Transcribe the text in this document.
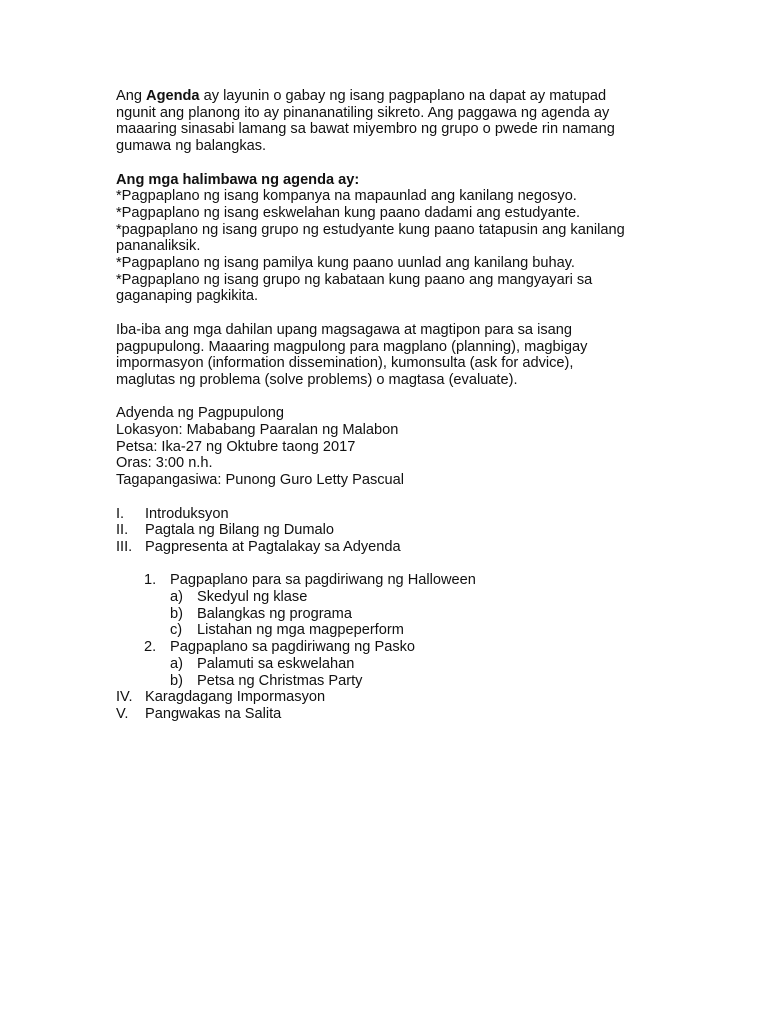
Ang Agenda ay layunin o gabay ng isang pagpaplano na dapat ay matupad

ngunit ang planong ito ay pinananatiling sikreto. Ang paggawa ng agenda ay

maaaring sinasabi lamang sa bawat miyembro ng grupo o pwede rin namang

gumawa ng balangkas.

Ang mga halimbawa ng agenda ay:

*Pagpaplano ng isang kompanya na mapaunlad ang kanilang negosyo.

*Pagpaplano ng isang eskwelahan kung paano dadami ang estudyante.

*pagpaplano ng isang grupo ng estudyante kung paano tatapusin ang kanilang

pananaliksik.

*Pagpaplano ng isang pamilya kung paano uunlad ang kanilang buhay.

*Pagpaplano ng isang grupo ng kabataan kung paano ang mangyayari sa

gaganaping pagkikita.

Iba-iba ang mga dahilan upang magsagawa at magtipon para sa isang

pagpupulong. Maaaring magpulong para magplano (planning), magbigay

impormasyon (information dissemination), kumonsulta (ask for advice),

maglutas ng problema (solve problems) o magtasa (evaluate).

Adyenda ng Pagpupulong

Lokasyon: Mababang Paaralan ng Malabon

Petsa: Ika-27 ng Oktubre taong 2017

Oras: 3:00 n.h.

Tagapangasiwa: Punong Guro Letty Pascual

I.	Introduksyon
II.	Pagtala ng Bilang ng Dumalo
III. Pagpresenta at Pagtalakay sa Adyenda
1. Pagpaplano para sa pagdiriwang ng Halloween
a) Skedyul ng klase
b) Balangkas ng programa
c)	Listahan ng mga magpeperform
2. Pagpaplano sa pagdiriwang ng Pasko
a) Palamuti sa eskwelahan
b) Petsa ng Christmas Party
IV. Karagdagang Impormasyon
V.	Pangwakas na Salita
